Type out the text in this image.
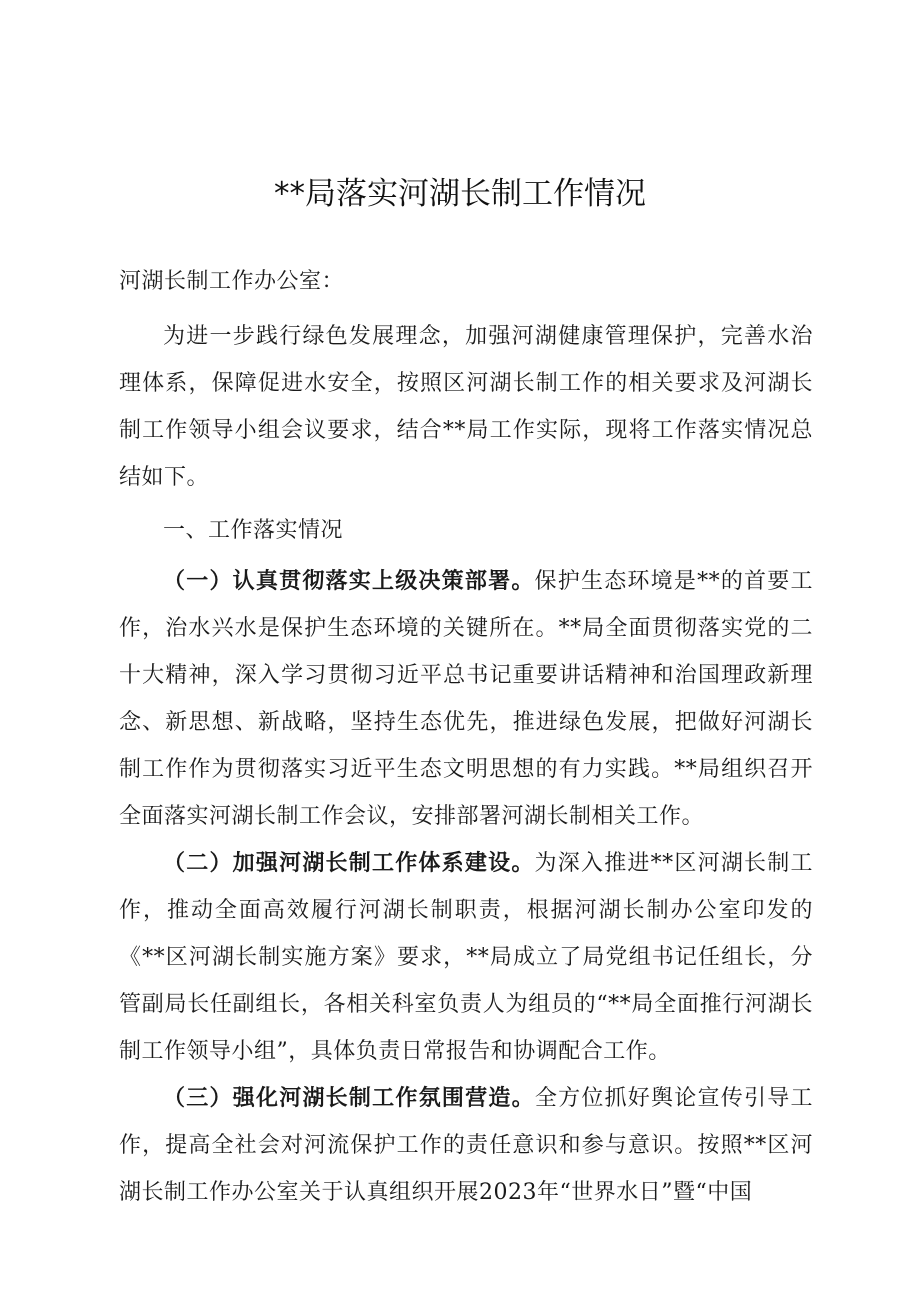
**局落实河湖长制工作情况

河湖长制工作办公室：

为进一步践行绿色发展理念，加强河湖健康管理保护，完善水治理体系，保障促进水安全，按照区河湖长制工作的相关要求及河湖长制工作领导小组会议要求，结合**局工作实际，现将工作落实情况总结如下。

一、工作落实情况

（一）认真贯彻落实上级决策部署。保护生态环境是**的首要工作，治水兴水是保护生态环境的关键所在。**局全面贯彻落实党的二十大精神，深入学习贯彻习近平总书记重要讲话精神和治国理政新理念、新思想、新战略，坚持生态优先，推进绿色发展，把做好河湖长制工作作为贯彻落实习近平生态文明思想的有力实践。**局组织召开全面落实河湖长制工作会议，安排部署河湖长制相关工作。

（二）加强河湖长制工作体系建设。为深入推进**区河湖长制工作，推动全面高效履行河湖长制职责，根据河湖长制办公室印发的《**区河湖长制实施方案》要求，**局成立了局党组书记任组长，分管副局长任副组长，各相关科室负责人为组员的“**局全面推行河湖长制工作领导小组”，具体负责日常报告和协调配合工作。

（三）强化河湖长制工作氛围营造。全方位抓好舆论宣传引导工作，提高全社会对河流保护工作的责任意识和参与意识。按照**区河湖长制工作办公室关于认真组织开展2023年“世界水日”暨“中国
